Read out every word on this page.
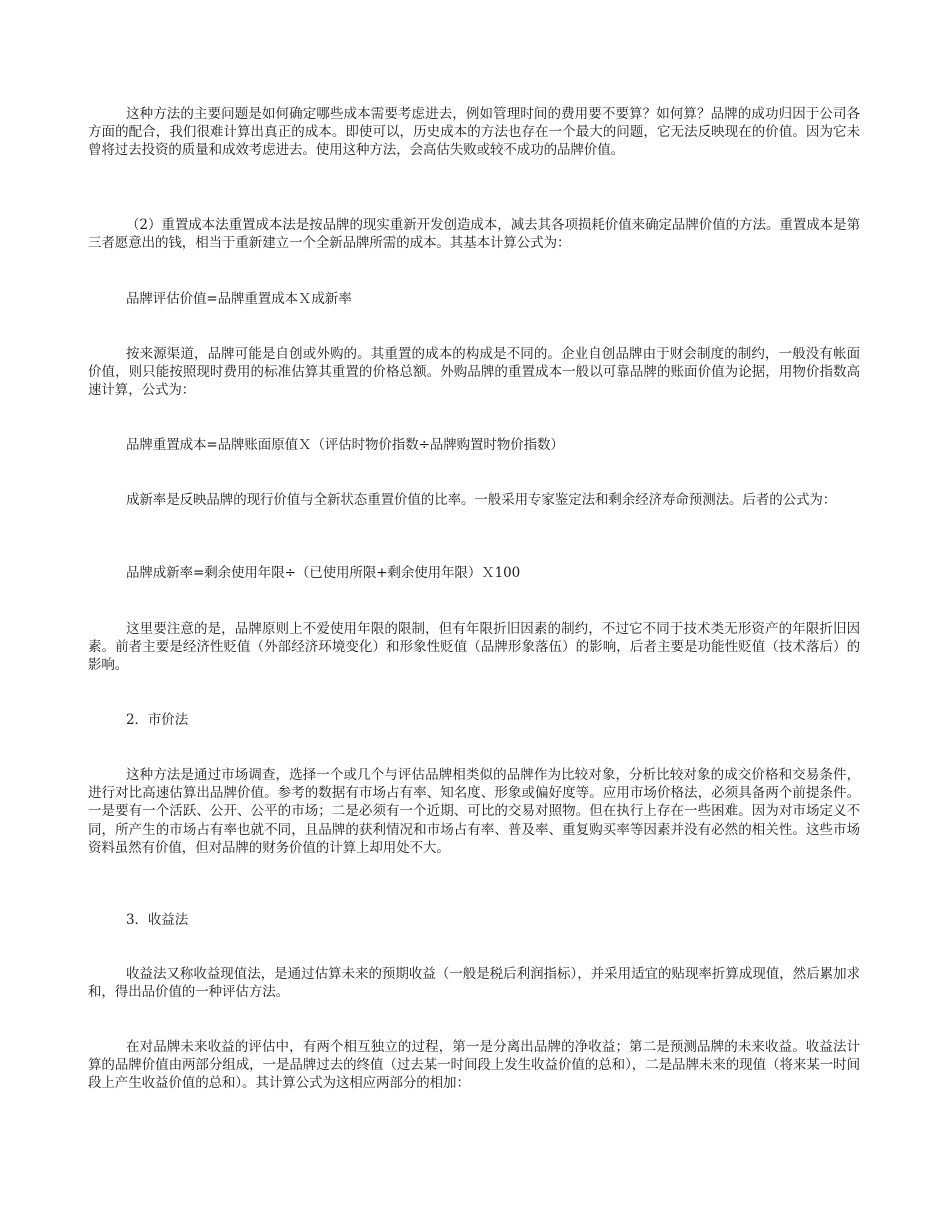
这种方法的主要问题是如何确定哪些成本需要考虑进去，例如管理时间的费用要不要算？如何算？品牌的成功归因于公司各方面的配合，我们很难计算出真正的成本。即使可以，历史成本的方法也存在一个最大的问题，它无法反映现在的价值。因为它未曾将过去投资的质量和成效考虑进去。使用这种方法，会高估失败或较不成功的品牌价值。

（2）重置成本法重置成本法是按品牌的现实重新开发创造成本，减去其各项损耗价值来确定品牌价值的方法。重置成本是第三者愿意出的钱，相当于重新建立一个全新品牌所需的成本。其基本计算公式为：

品牌评估价值=品牌重置成本Ｘ成新率

按来源渠道，品牌可能是自创或外购的。其重置的成本的构成是不同的。企业自创品牌由于财会制度的制约，一般没有帐面价值，则只能按照现时费用的标准估算其重置的价格总额。外购品牌的重置成本一般以可靠品牌的账面价值为论据，用物价指数高速计算，公式为：

品牌重置成本=品牌账面原值Ｘ（评估时物价指数÷品牌购置时物价指数）

成新率是反映品牌的现行价值与全新状态重置价值的比率。一般采用专家鉴定法和剩余经济寿命预测法。后者的公式为：

品牌成新率=剩余使用年限÷（已使用所限+剩余使用年限）Ｘ100

这里要注意的是，品牌原则上不爱使用年限的限制，但有年限折旧因素的制约，不过它不同于技术类无形资产的年限折旧因素。前者主要是经济性贬值（外部经济环境变化）和形象性贬值（品牌形象落伍）的影响，后者主要是功能性贬值（技术落后）的影响。

2．市价法

这种方法是通过市场调查，选择一个或几个与评估品牌相类似的品牌作为比较对象，分析比较对象的成交价格和交易条件，进行对比高速估算出品牌价值。参考的数据有市场占有率、知名度、形象或偏好度等。应用市场价格法，必须具备两个前提条件。一是要有一个活跃、公开、公平的市场；二是必须有一个近期、可比的交易对照物。但在执行上存在一些困难。因为对市场定义不同，所产生的市场占有率也就不同，且品牌的获利情况和市场占有率、普及率、重复购买率等因素并没有必然的相关性。这些市场资料虽然有价值，但对品牌的财务价值的计算上却用处不大。

3．收益法

收益法又称收益现值法，是通过估算未来的预期收益（一般是税后利润指标），并采用适宜的贴现率折算成现值，然后累加求和，得出品价值的一种评估方法。

在对品牌未来收益的评估中，有两个相互独立的过程，第一是分离出品牌的净收益；第二是预测品牌的未来收益。收益法计算的品牌价值由两部分组成，一是品牌过去的终值（过去某一时间段上发生收益价值的总和），二是品牌未来的现值（将来某一时间段上产生收益价值的总和）。其计算公式为这相应两部分的相加：
